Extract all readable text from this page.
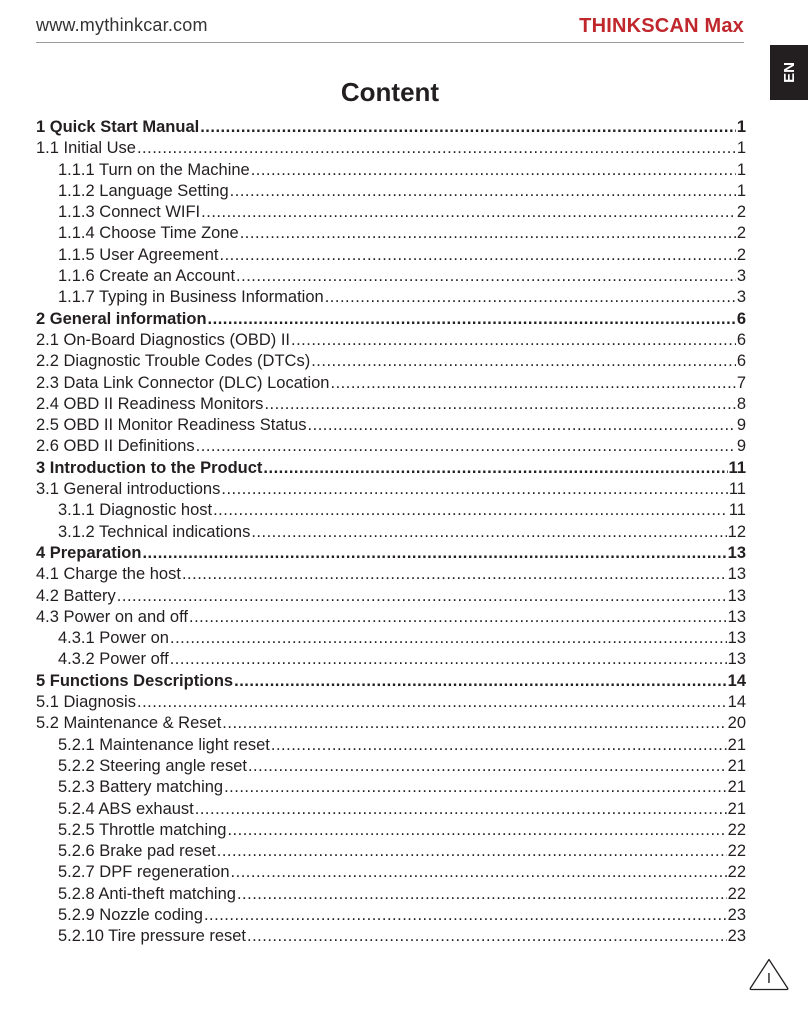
www.mythinkcar.com	THINKSCAN Max
EN
Content
1 Quick Start Manual .....	1
1.1 Initial Use .....	1
1.1.1 Turn on the Machine .....	1
1.1.2 Language Setting .....	1
1.1.3 Connect WIFI .....	2
1.1.4 Choose Time Zone .....	2
1.1.5 User Agreement .....	2
1.1.6 Create an Account .....	3
1.1.7 Typing in Business Information .....	3
2 General information .....	6
2.1 On-Board Diagnostics (OBD) II .....	6
2.2 Diagnostic Trouble Codes (DTCs) .....	6
2.3 Data Link Connector (DLC) Location .....	7
2.4 OBD II Readiness Monitors .....	8
2.5 OBD II Monitor Readiness Status .....	9
2.6 OBD II Definitions .....	9
3 Introduction to the Product .....	11
3.1 General introductions .....	11
3.1.1 Diagnostic host .....	11
3.1.2 Technical indications .....	12
4 Preparation .....	13
4.1 Charge the host .....	13
4.2 Battery .....	13
4.3 Power on and off .....	13
4.3.1 Power on .....	13
4.3.2 Power off .....	13
5 Functions Descriptions .....	14
5.1 Diagnosis .....	14
5.2 Maintenance & Reset .....	20
5.2.1 Maintenance light reset .....	21
5.2.2 Steering angle reset .....	21
5.2.3 Battery matching .....	21
5.2.4 ABS exhaust .....	21
5.2.5 Throttle matching .....	22
5.2.6 Brake pad reset .....	22
5.2.7 DPF regeneration .....	22
5.2.8 Anti-theft matching .....	22
5.2.9 Nozzle coding .....	23
5.2.10 Tire pressure reset .....	23
I
